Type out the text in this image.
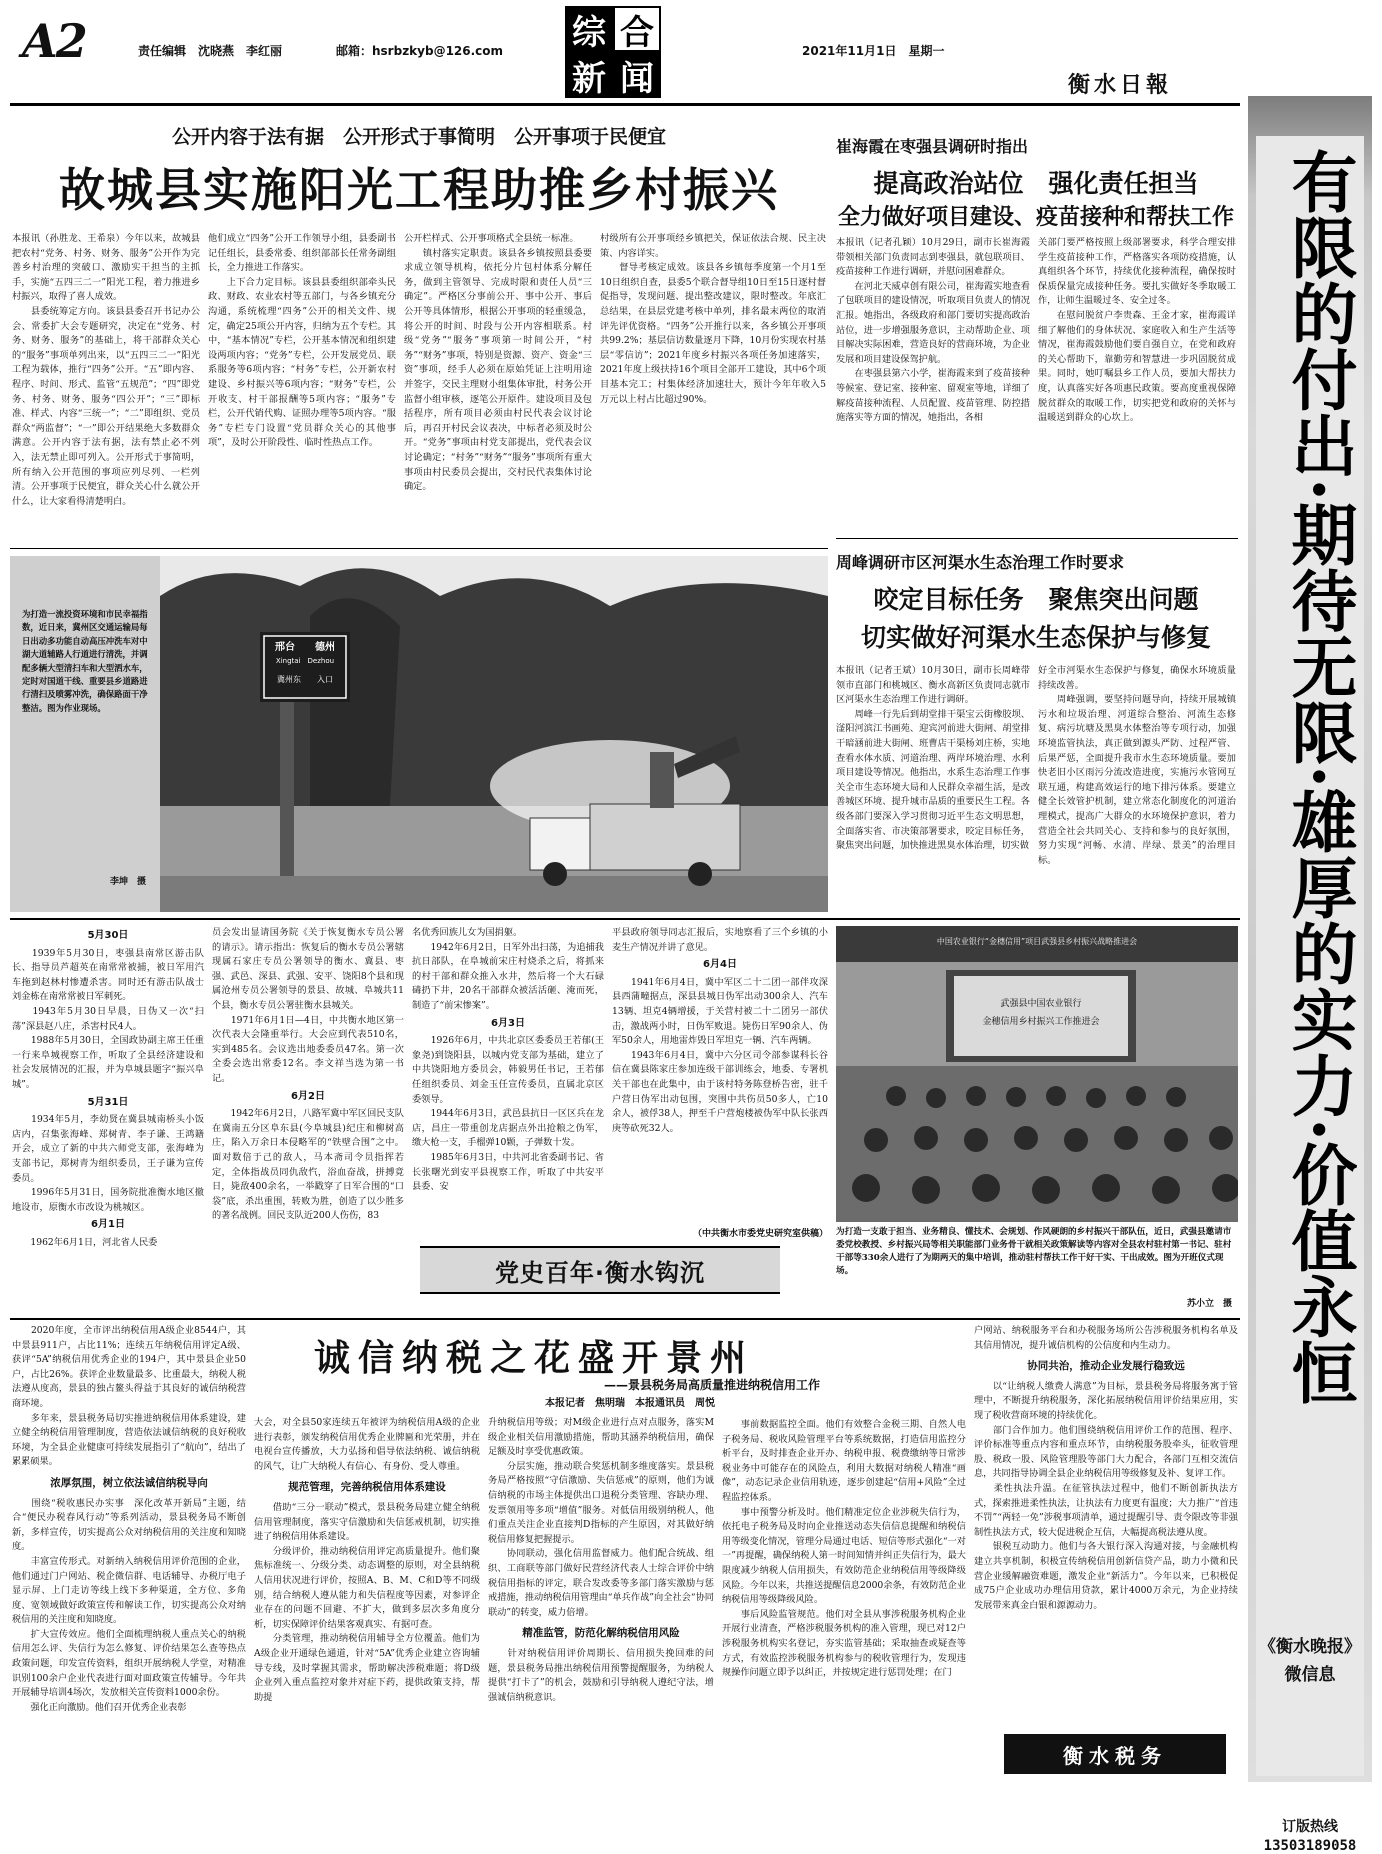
A2	责任编辑　沈晓燕　李红丽	邮箱：hsrbzkyb@126.com 综 合
新 闻
2021年11月1日　星期一
衡水日報
有限的付出·期待无限·雄厚的实力·价值永恒
《衡水晚报》
微信息
订版热线
13503189058
公开内容于法有据　公开形式于事简明　公开事项于民便宜
故城县实施阳光工程助推乡村振兴
本报讯（孙胜龙、王希泉）今年以来，故城县把农村“党务、村务、财务、服务”公开作为完善乡村治理的突破口、激励实干担当的主抓手，实施“五四三二一”阳光工程，着力推进乡村振兴，取得了喜人成效。
　　县委统筹定方向。该县县委召开书记办公会、常委扩大会专题研究，决定在“党务、村务、财务、服务”的基础上，将干部群众关心的“服务”事项单列出来，以“五四三二一”阳光工程为载体，推行“四务”公开。“五”即内容、程序、时间、形式、监管“五规范”；“四”即党务、村务、财务、服务“四公开”；“三”即标准、样式、内容“三统一”；“二”即组织、党员群众“两监督”；“一”即公开结果绝大多数群众满意。公开内容于法有据，法有禁止必不列入，法无禁止即可列入。公开形式于事简明，所有纳入公开范围的事项应列尽列、一栏列清。公开事项于民便宜，群众关心什么就公开什么，让大家看得清楚明白。
他们成立“四务”公开工作领导小组，县委副书记任组长，县委常委、组织部部长任常务副组长，全力推进工作落实。
　　上下合力定目标。该县县委组织部牵头民政、财政、农业农村等五部门，与各乡镇充分沟通，系统梳理“四务”公开的相关文件、规定，确定25项公开内容，归纳为五个专栏。其中，“基本情况”专栏，公开基本情况和组织建设两项内容；“党务”专栏，公开发展党员、联系服务等6项内容；“村务”专栏，公开新农村建设、乡村振兴等6项内容；“财务”专栏，公开收支、村干部报酬等5项内容；“服务”专栏，公开代销代购、证照办理等5项内容。“服务”专栏专门设置“党员群众关心的其他事项”，及时公开阶段性、临时性热点工作。
公开栏样式、公开事项格式全县统一标准。
　　镇村落实定职责。该县各乡镇按照县委要求成立领导机构，依托分片包村体系分解任务，做到主管领导、完成时限和责任人员“三确定”。严格区分事前公开、事中公开、事后公开等具体情形，根据公开事项的轻重缓急，将公开的时间、时段与公开内容相联系。村级“党务”“服务”事项第一时间公开，“村务”“财务”事项，特别是资源、资产、资金“三资”事项，经手人必须在原始凭证上注明用途并签字，交民主理财小组集体审批，村务公开监督小组审核，逐笔公开原件。建设项目及包括程序，所有项目必须由村民代表会议讨论后，再召开村民会议表决，中标者必须及时公开。“党务”事项由村党支部提出，党代表会议讨论确定；“村务”“财务”“服务”事项所有重大事项由村民委员会提出，交村民代表集体讨论确定。
村级所有公开事项经乡镇把关，保证依法合规、民主决策、内容详实。
　　督导考核定成效。该县各乡镇每季度第一个月1至10日组织自查，县委5个联合督导组10日至15日逐村督促指导，发现问题、提出整改建议，限时整改。年底汇总结果，在县层党建考核中单列，排名最末两位的取消评先评优资格。“四务”公开推行以来，各乡镇公开事项共99.2%；基层信访数量逐月下降，10月份实现农村基层“零信访”；2021年度乡村振兴各项任务加速落实，2021年度上级扶持16个项目全部开工建设，其中6个项目基本完工；村集体经济加速壮大，预计今年年收入5万元以上村占比超过90%。
邢台　　德州
Xingtai　Dezhou
冀州东　　入口
为打造一流投资环境和市民幸福指数，近日来，冀州区交通运输局每日出动多功能自动高压冲洗车对中湖大道辅路人行道进行清洗，并调配多辆大型清扫车和大型洒水车，定时对国道干线、重要县乡道路进行清扫及喷雾冲洗，确保路面干净整洁。图为作业现场。
李坤　摄
崔海霞在枣强县调研时指出
提高政治站位　强化责任担当
全力做好项目建设、疫苗接种和帮扶工作
本报讯（记者孔颖）10月29日，副市长崔海霞带领相关部门负责同志到枣强县，就包联项目、疫苗接种工作进行调研，并慰问困难群众。
　　在河北天威卓创有限公司，崔海霞实地查看了包联项目的建设情况，听取项目负责人的情况汇报。她指出，各级政府和部门要切实提高政治站位，进一步增强服务意识，主动帮助企业、项目解决实际困难，营造良好的营商环境，为企业发展和项目建设保驾护航。
　　在枣强县第六小学，崔海霞来到了疫苗接种等候室、登记室、接种室、留观室等地，详细了解疫苗接种流程、人员配置、疫苗管理、防控措施落实等方面的情况，她指出，各相
关部门要严格按照上级部署要求，科学合理安排学生疫苗接种工作，严格落实各项防疫措施，认真组织各个环节，持续优化接种流程，确保按时保质保量完成接种任务。要扎实做好冬季取暖工作，让师生温暖过冬、安全过冬。
　　在慰问脱贫户李贵森、王金才家，崔海霞详细了解他们的身体状况、家庭收入和生产生活等情况，崔海霞鼓励他们要自强自立，在党和政府的关心帮助下，靠勤劳和智慧进一步巩固脱贫成果。同时，她叮嘱县乡工作人员，要加大帮扶力度，认真落实好各项惠民政策。要高度重视保障脱贫群众的取暖工作，切实把党和政府的关怀与温暖送到群众的心坎上。
周峰调研市区河渠水生态治理工作时要求
咬定目标任务　聚焦突出问题
切实做好河渠水生态保护与修复
本报讯（记者王斌）10月30日，副市长周峰带领市直部门和桃城区、衡水高新区负责同志就市区河渠水生态治理工作进行调研。
　　周峰一行先后到胡堂排干渠宝云街橡胶坝、滏阳河滨江书画苑、迎宾河前进大街闸、胡堂排干暗涵前进大街闸、班曹店干渠杨刘庄桥，实地查看水体水质、河道治理、两岸环境治理、水利项目建设等情况。他指出，水系生态治理工作事关全市生态环境大局和人民群众幸福生活，是改善城区环境、提升城市品质的重要民生工程。各级各部门要深入学习贯彻习近平生态文明思想，全面落实省、市决策部署要求，咬定目标任务，聚焦突出问题，加快推进黑臭水体治理，切实做
好全市河渠水生态保护与修复，确保水环境质量持续改善。
　　周峰强调，要坚持问题导向，持续开展城镇污水和垃圾治理、河道综合整治、河流生态修复、病污坑塘及黑臭水体整治等专项行动，加强环境监管执法，真正做到源头严防、过程严管、后果严惩，全面提升我市水生态环境质量。要加快老旧小区雨污分流改造进度，实施污水管网互联互通，构建高效运行的地下排污体系。要建立健全长效管护机制，建立常态化制度化的河道治理模式，提高广大群众的水环境保护意识，着力营造全社会共同关心、支持和参与的良好氛围，努力实现“河畅、水清、岸绿、景美”的治理目标。
5月30日
　　1939年5月30日，枣强县南常区游击队长、指导员芦超英在南常常被捕，被日军用汽车拖到赵林村惨遭杀害。同时还有游击队战士刘金栋在南常常被日军刺死。
　　1943年5月30日早晨，日伪又一次“扫荡”深县赵八庄，杀害村民4人。
　　1988年5月30日，全国政协副主席王任重一行来阜城视察工作，听取了全县经济建设和社会发展情况的汇报，并为阜城县题字“振兴阜城”。
5月31日
　　1934年5月，李幼贤在冀县城南桥头小饭店内，召集张海峰、郑树青、李子谦、王鸿籍开会，成立了新的中共六师党支部，张海峰为支部书记，郑树青为组织委员，王子谦为宣传委员。
　　1996年5月31日，国务院批准衡水地区撤地设市，原衡水市改设为桃城区。
6月1日
　　1962年6月1日，河北省人民委
员会发出显请国务院《关于恢复衡水专员公署的请示》。请示指出：恢复后的衡水专员公署辖现属石家庄专员公署领导的衡水、冀县、枣强、武邑、深县、武强、安平、饶阳8个县和现属沧州专员公署领导的景县、故城、阜城共11个县，衡水专员公署驻衡水县城关。
　　1971年6月1日—4日，中共衡水地区第一次代表大会隆重举行。大会应到代表510名，实到485名。会议选出地委委员47名。第一次全委会选出常委12名。李文祥当选为第一书记。
6月2日
　　1942年6月2日，八路军冀中军区回民支队在冀南五分区阜东县(今阜城县)纪庄和柳树高庄，陷入万余日本侵略军的“铁壁合围”之中。面对数倍于己的敌人，马本斋司令员指挥若定，全体指战员同仇敌忾，浴血奋战，拼搏竟日，毙敌400余名，一举戳穿了日军合围的“口袋”底，杀出重围，转败为胜，创造了以少胜多的著名战例。回民支队近200人伤伤，83
名优秀回族儿女为国捐躯。
　　1942年6月2日，日军外出扫荡，为追捕我抗日部队，在阜城前宋庄村烧杀之后，将抓来的村干部和群众推入水井，然后将一个大石碌碡扔下井，20名干部群众被活活砸、淹而死，制造了“前宋惨案”。
6月3日
　　1926年6月，中共北京区委委员王若郁(王象尧)到饶阳县，以城内党支部为基础，建立了中共饶阳地方委员会，韩毅男任书记，王若郁任组织委员、刘金玉任宣传委员，直属北京区委领导。
　　1944年6月3日，武邑县抗日一区区兵在龙店，昌庄一带重创龙店据点外出抢粮之伪军，缴大枪一支，手榴弹10颗，子弹数十发。
　　1985年6月3日，中共河北省委副书记、省长张曙光到安平县视察工作，听取了中共安平县委、安
平县政府领导同志汇报后，实地察看了三个乡镇的小麦生产情况并讲了意见。
6月4日
　　1941年6月4日，冀中军区二十二团一部伴攻深县西蒲疃据点，深县县城日伪军出动300余人、汽车13辆、坦克4辆增援，于关营村被二十二团另一部伏击，激战两小时，日伪军败退。毙伤日军90余人、伪军50余人，用地雷炸毁日军坦克一辆、汽车两辆。
　　1943年6月4日，冀中六分区司令部参谋科长谷信在冀县陈家庄参加连级干部训练会，地委、专署机关干部也在此集中，由于该村特务陈登桥告密，驻千户营日伪军出动包围，突围中共伤员50多人，亡10余人，被俘38人，押至千户营炮楼被伪军中队长张西庚等砍死32人。
（中共衡水市委党史研究室供稿）
党史百年·衡水钩沉
中国农业银行“金穗信用”项目武强县乡村振兴战略推进会
武强县中国农业银行
金穗信用乡村振兴工作推进会
为打造一支敢于担当、业务精良、懂技术、会规划、作风硬朗的乡村振兴干部队伍，近日，武强县邀请市委党校教授、乡村振兴局等相关职能部门业务骨干就相关政策解读等内容对全县农村驻村第一书记、驻村干部等330余人进行了为期两天的集中培训，推动驻村帮扶工作干好干实、干出成效。图为开班仪式现场。
苏小立　摄
　　2020年度，全市评出纳税信用A级企业8544户，其中景县911户，占比11%；连续五年纳税信用评定A级、获评“5A”纳税信用优秀企业的194户，其中景县企业50户，占比26%。获评企业数量最多、比重最大，纳税人税法遵从度高，景县的独占鳌头得益于其良好的诚信纳税营商环境。
　　多年来，景县税务局切实推进纳税信用体系建设，建立健全纳税信用管理制度，营造依法诚信纳税的良好税收环境，为全县企业健康可持续发展指引了“航向”，结出了累累硕果。
浓厚氛围，树立依法诚信纳税导向
　　围绕“税收惠民办实事　深化改革开新局”主题，结合“便民办税春风行动”等系列活动，景县税务局不断创新，多样宣传，切实提高公众对纳税信用的关注度和知晓度。
　　丰富宣传形式。对新纳入纳税信用评价范围的企业，他们通过门户网站、税企微信群、电话辅导、办税厅电子显示屏、上门走访等线上线下多种渠道，全方位、多角度、宽领域做好政策宣传和解读工作，切实提高公众对纳税信用的关注度和知晓度。
　　扩大宣传效应。他们全面梳理纳税人重点关心的纳税信用怎么评、失信行为怎么修复、评价结果怎么查等热点政策问题，印发宣传资料，组织开展纳税人学堂，对精准识别100余户企业代表进行面对面政策宣传辅导。今年共开展辅导培训4场次，发放相关宣传资料1000余份。
　　强化正向激励。他们召开优秀企业表彰
诚信纳税之花盛开景州
——景县税务局高质量推进纳税信用工作
本报记者　焦明瑞　本报通讯员　周悦
大会，对全县50家连续五年被评为纳税信用A级的企业进行表彰，颁发纳税信用优秀企业牌匾和光荣册，并在电视台宣传播放，大力弘扬和倡导依法纳税、诚信纳税的风气，让广大纳税人有信心、有身份、受人尊重。
规范管理，完善纳税信用体系建设
　　借助“三分一联动”模式，景县税务局建立健全纳税信用管理制度，落实守信激励和失信惩戒机制，切实推进了纳税信用体系建设。
　　分级评价，推动纳税信用评定高质量提升。他们聚焦标准统一、分级分类、动态调整的原则，对全县纳税人信用状况进行评价，按照A、B、M、C和D等不同级别，结合纳税人遵从能力和失信程度等因素，对参评企业存在的问题不回避、不扩大，做到多层次多角度分析，切实保障评价结果客观真实、有据可查。
　　分类管理，推动纳税信用辅导全方位覆盖。他们为A级企业开通绿色通道，针对“5A”优秀企业建立咨询辅导专线，及时掌握其需求，帮助解决涉税难题；将D级企业列入重点监控对象并对症下药，提供政策支持，帮助提
升纳税信用等级；对M级企业进行点对点服务，落实M级企业相关信用激励措施，帮助其涵养纳税信用，确保足额及时享受优惠政策。
　　分层实施，推动联合奖惩机制多维度落实。景县税务局严格按照“守信激励、失信惩戒”的原则，他们为诚信纳税的市场主体提供出口退税分类管理、容缺办理、发票领用等多项“增值”服务。对低信用级别纳税人，他们重点关注企业直接判D指标的产生原因，对其做好纳税信用修复把握提示。
　　协同联动，强化信用监督威力。他们配合统战、组织、工商联等部门做好民营经济代表人士综合评价中纳税信用指标的评定，联合发改委等多部门落实激励与惩戒措施，推动纳税信用管理由“单兵作战”向全社会“协同联动”的转变，威力倍增。
精准监管，防范化解纳税信用风险
　　针对纳税信用评价周期长、信用损失挽回难的问题，景县税务局推出纳税信用预警提醒服务，为纳税人提供“打卡了”的机会，鼓励和引导纳税人遵纪守法，增强诚信纳税意识。
　　事前数据监控全面。他们有效整合金税三期、自然人电子税务局、税收风险管理平台等系统数据，打造信用监控分析平台，及时排查企业开办、纳税申报、税费缴纳等日常涉税业务中可能存在的风险点，利用大数据对纳税人精准“画像”，动态记录企业信用轨迹，逐步创建起“信用+风险”全过程监控体系。
　　事中预警分析及时。他们精准定位企业涉税失信行为，依托电子税务局及时向企业推送动态失信信息提醒和纳税信用等级变化情况，管理分局通过电话、短信等形式强化“一对一”再提醒，确保纳税人第一时间知情并纠正失信行为，最大限度减少纳税人信用损失，有效防范企业纳税信用等级降级风险。今年以来，共推送提醒信息2000余条，有效防范企业纳税信用等级降级风险。
　　事后风险监管规范。他们对全县从事涉税服务机构企业开展行业清查，严格涉税服务机构的准入管理，现已对12户涉税服务机构实名登记，夯实监管基础；采取抽查或疑查等方式，有效监控涉税服务机构参与的税收管理行为，发现违规操作问题立即予以纠正，并按规定进行惩罚处理；在门
户网站、纳税服务平台和办税服务场所公告涉税服务机构名单及其信用情况，提升诚信机构的公信度和内生动力。
协同共治，推动企业发展行稳致远
　　以“让纳税人缴费人满意”为目标，景县税务局将服务寓于管理中，不断提升纳税服务，深化拓展纳税信用评价结果应用，实现了税收营商环境的持续优化。
　　部门合作加力。他们围绕纳税信用评价工作的范围、程序、评价标准等重点内容和重点环节，由纳税服务股牵头，征收管理股、税政一股、风险管理股等部门大力配合，各部门互相交流信息，共同指导协调全县企业纳税信用等级修复及补、复评工作。
　　柔性执法升温。在征管执法过程中，他们不断创新执法方式，探索推进柔性执法，让执法有力度更有温度；大力推广“首违不罚”“两轻一免”涉税事项清单，通过提醒引导、责令限改等非强制性执法方式，较大促进税企互信，大幅提高税法遵从度。
　　银税互动助力。他们与各大银行深入沟通对接，与金融机构建立共享机制，积极宣传纳税信用创新信贷产品，助力小微和民营企业缓解融资难题，激发企业“新活力”。今年以来，已积极促成75户企业成功办理信用贷款，累计4000万余元，为企业持续发展带来真金白银和源源动力。
衡水税务
